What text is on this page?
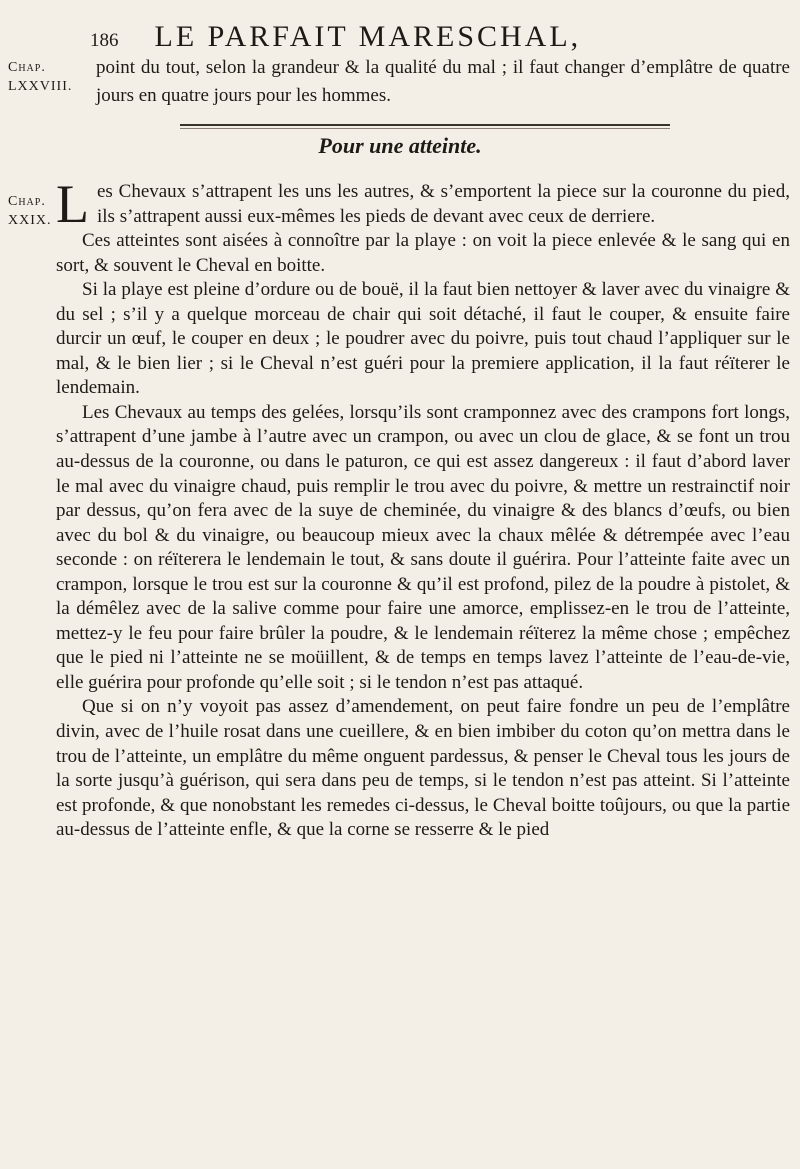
186 LE PARFAIT MARESCHAL,
Chap.
LXXVIII.
point du tout, selon la grandeur & la qualité du mal ; il faut changer d’emplâtre de quatre jours en quatre jours pour les hommes.
Pour une atteinte.
Chap.
XXIX. Les Chevaux s’attrapent les uns les autres, & s’emportent la piece sur la couronne du pied, ils s’attrapent aussi eux-mêmes les pieds de devant avec ceux de derriere.

Ces atteintes sont aisées à connoître par la playe : on voit la piece enlevée & le sang qui en sort, & souvent le Cheval en boitte.

Si la playe est pleine d’ordure ou de bouë, il la faut bien nettoyer & laver avec du vinaigre & du sel ; s’il y a quelque morceau de chair qui soit détaché, il faut le couper, & ensuite faire durcir un œuf, le couper en deux ; le poudrer avec du poivre, puis tout chaud l’appliquer sur le mal, & le bien lier ; si le Cheval n’est guéri pour la premiere application, il la faut réïterer le lendemain.

Les Chevaux au temps des gelées, lorsqu’ils sont cramponnez avec des crampons fort longs, s’attrapent d’une jambe à l’autre avec un crampon, ou avec un clou de glace, & se font un trou au-dessus de la couronne, ou dans le paturon, ce qui est assez dangereux : il faut d’abord laver le mal avec du vinaigre chaud, puis remplir le trou avec du poivre, & mettre un restrainctif noir par dessus, qu’on fera avec de la suye de cheminée, du vinaigre & des blancs d’œufs, ou bien avec du bol & du vinaigre, ou beaucoup mieux avec la chaux mêlée & détrempée avec l’eau seconde : on réïterera le lendemain le tout, & sans doute il guérira. Pour l’atteinte faite avec un crampon, lorsque le trou est sur la couronne & qu’il est profond, pilez de la poudre à pistolet, & la démêlez avec de la salive comme pour faire une amorce, emplissez-en le trou de l’atteinte, mettez-y le feu pour faire brûler la poudre, & le lendemain réïterez la même chose ; empêchez que le pied ni l’atteinte ne se moüillent, & de temps en temps lavez l’atteinte de l’eau-de-vie, elle guérira pour profonde qu’elle soit ; si le tendon n’est pas attaqué.

Que si on n’y voyoit pas assez d’amendement, on peut faire fondre un peu de l’emplâtre divin, avec de l’huile rosat dans une cueillere, & en bien imbiber du coton qu’on mettra dans le trou de l’atteinte, un emplâtre du même onguent pardessus, & penser le Cheval tous les jours de la sorte jusqu’à guérison, qui sera dans peu de temps, si le tendon n’est pas atteint. Si l’atteinte est profonde, & que nonobstant les remedes ci-dessus, le Cheval boitte toûjours, ou que la partie au-dessus de l’atteinte enfle, & que la corne se resserre & le pied
